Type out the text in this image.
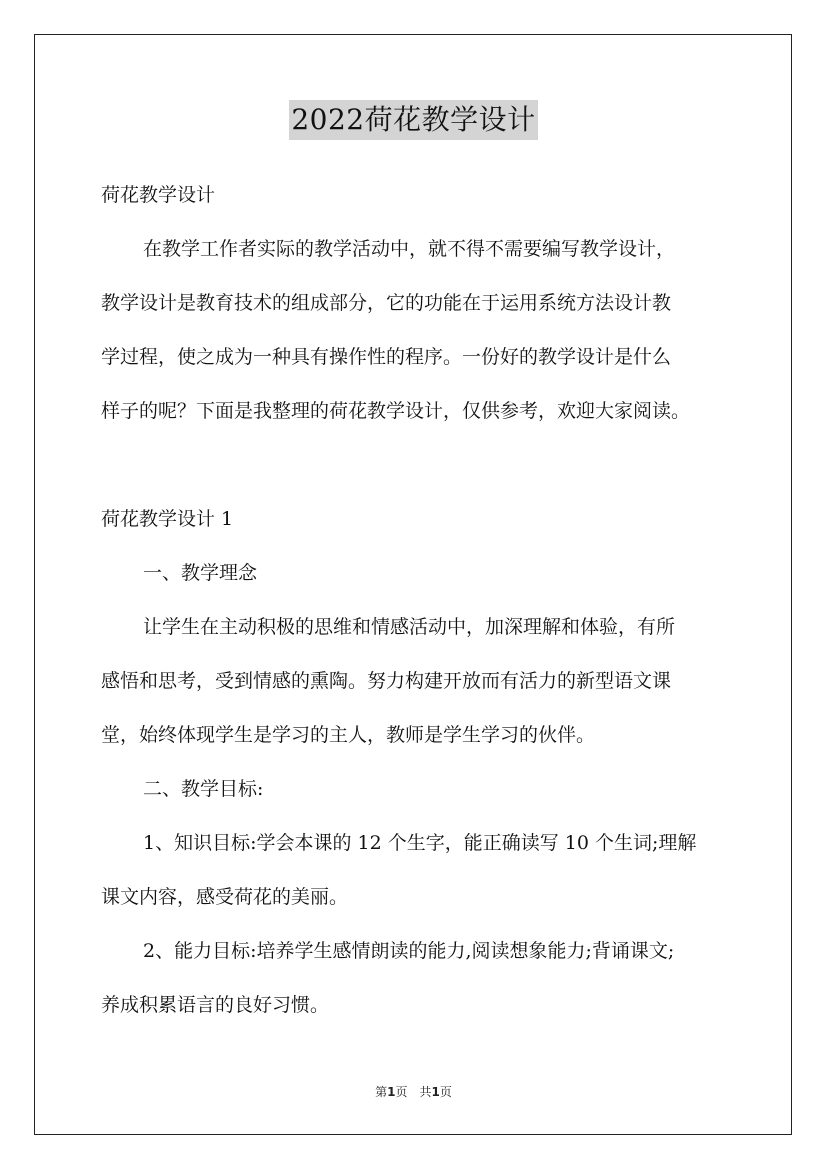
2022荷花教学设计
荷花教学设计
在教学工作者实际的教学活动中，就不得不需要编写教学设计，
教学设计是教育技术的组成部分，它的功能在于运用系统方法设计教
学过程，使之成为一种具有操作性的程序。一份好的教学设计是什么
样子的呢？下面是我整理的荷花教学设计，仅供参考，欢迎大家阅读。
荷花教学设计 1
一、教学理念
让学生在主动积极的思维和情感活动中，加深理解和体验，有所
感悟和思考，受到情感的熏陶。努力构建开放而有活力的新型语文课
堂，始终体现学生是学习的主人，教师是学生学习的伙伴。
二、教学目标:
1、知识目标:学会本课的 12 个生字，能正确读写 10 个生词;理解
课文内容，感受荷花的美丽。
2、能力目标:培养学生感情朗读的能力,阅读想象能力;背诵课文;
养成积累语言的良好习惯。
第1页　共1页
